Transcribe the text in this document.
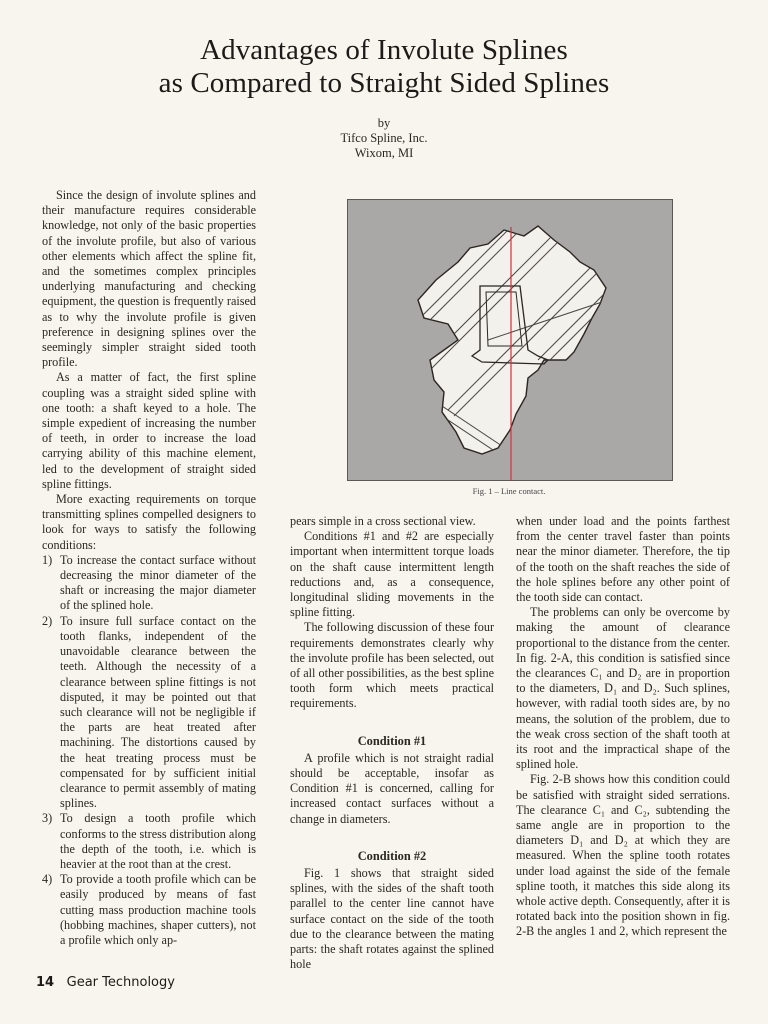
Advantages of Involute Splines
as Compared to Straight Sided Splines
by
Tifco Spline, Inc.
Wixom, MI

Since the design of involute splines and their manufacture requires considerable knowledge, not only of the basic properties of the involute profile, but also of various other elements which affect the spline fit, and the sometimes complex principles underlying manufacturing and checking equipment, the question is frequently raised as to why the involute profile is given preference in designing splines over the seemingly simpler straight sided tooth profile.

As a matter of fact, the first spline coupling was a straight sided spline with one tooth: a shaft keyed to a hole. The simple expedient of increasing the number of teeth, in order to increase the load carrying ability of this machine element, led to the development of straight sided spline fittings.

More exacting requirements on torque transmitting splines compelled designers to look for ways to satisfy the following conditions:

1) To increase the contact surface without decreasing the minor diameter of the shaft or increasing the major diameter of the splined hole.
2) To insure full surface contact on the tooth flanks, independent of the unavoidable clearance between the teeth. Although the necessity of a clearance between spline fittings is not disputed, it may be pointed out that such clearance will not be negligible if the parts are heat treated after machining. The distortions caused by the heat treating process must be compensated for by sufficient initial clearance to permit assembly of mating splines.
3) To design a tooth profile which conforms to the stress distribution along the depth of the tooth, i.e. which is heavier at the root than at the crest.
4) To provide a tooth profile which can be easily produced by means of fast cutting mass production machine tools (hobbing machines, shaper cutters), not a profile which only ap-
Fig. 1 – Line contact.

pears simple in a cross sectional view.

Conditions #1 and #2 are especially important when intermittent torque loads on the shaft cause intermittent length reductions and, as a consequence, longitudinal sliding movements in the spline fitting.

The following discussion of these four requirements demonstrates clearly why the involute profile has been selected, out of all other possibilities, as the best spline tooth form which meets practical requirements.

Condition #1

A profile which is not straight radial should be acceptable, insofar as Condition #1 is concerned, calling for increased contact surfaces without a change in diameters.

Condition #2

Fig. 1 shows that straight sided splines, with the sides of the shaft tooth parallel to the center line cannot have surface contact on the side of the tooth due to the clearance between the mating parts: the shaft rotates against the splined hole

when under load and the points farthest from the center travel faster than points near the minor diameter. Therefore, the tip of the tooth on the shaft reaches the side of the hole splines before any other point of the tooth side can contact.

The problems can only be overcome by making the amount of clearance proportional to the distance from the center. In fig. 2-A, this condition is satisfied since the clearances C₁ and D₂ are in proportion to the diameters, D₁ and D₂. Such splines, however, with radial tooth sides are, by no means, the solution of the problem, due to the weak cross section of the shaft tooth at its root and the impractical shape of the splined hole.

Fig. 2-B shows how this condition could be satisfied with straight sided serrations. The clearance C₁ and C₂, subtending the same angle are in proportion to the diameters D₁ and D₂ at which they are measured. When the spline tooth rotates under load against the side of the female spline tooth, it matches this side along its whole active depth. Consequently, after it is rotated back into the position shown in fig. 2-B the angles 1 and 2, which represent the

14 Gear Technology
